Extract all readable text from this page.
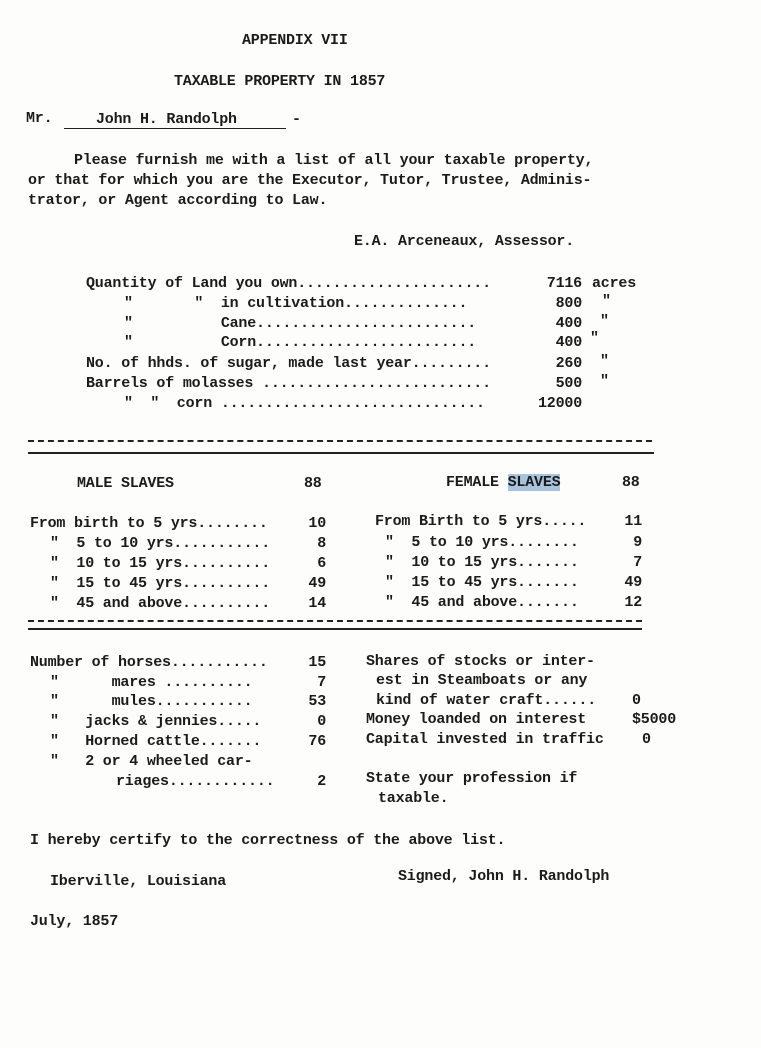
APPENDIX VII
TAXABLE PROPERTY IN 1857
Mr.	John H. Randolph	-
Please furnish me with a list of all your taxable property,
or that for which you are the Executor, Tutor, Trustee, Adminis-
trator, or Agent according to Law.
E.A. Arceneaux, Assessor.
Quantity of Land you own......................	7116 acres
"       "  in cultivation..............	800 "
"          Cane.........................	400 "
"          Corn.........................	400 "
No. of hhds. of sugar, made last year.........	260 "
Barrels of molasses ..........................	500 "
"  "  corn ..............................	12000
MALE SLAVES	88	FEMALE SLAVES	88
From birth to 5 yrs........	10
"  5 to 10 yrs...........	8
"  10 to 15 yrs..........	6
"  15 to 45 yrs..........	49
"  45 and above..........	14
From Birth to 5 yrs.....	11
"  5 to 10 yrs........	9
"  10 to 15 yrs.......	7
"  15 to 45 yrs.......	49
"  45 and above.......	12
Number of horses...........	15
"      mares ..........	7
"      mules...........	53
"   jacks & jennies.....	0
"   Horned cattle.......	76
"   2 or 4 wheeled car-
riages............	2
Shares of stocks or inter-
est in Steamboats or any
kind of water craft...... 0
Money loanded on interest	$5000
Capital invested in traffic	0
State your profession if
taxable.
I hereby certify to the correctness of the above list.
Iberville, Louisiana	Signed, John H. Randolph
July, 1857
